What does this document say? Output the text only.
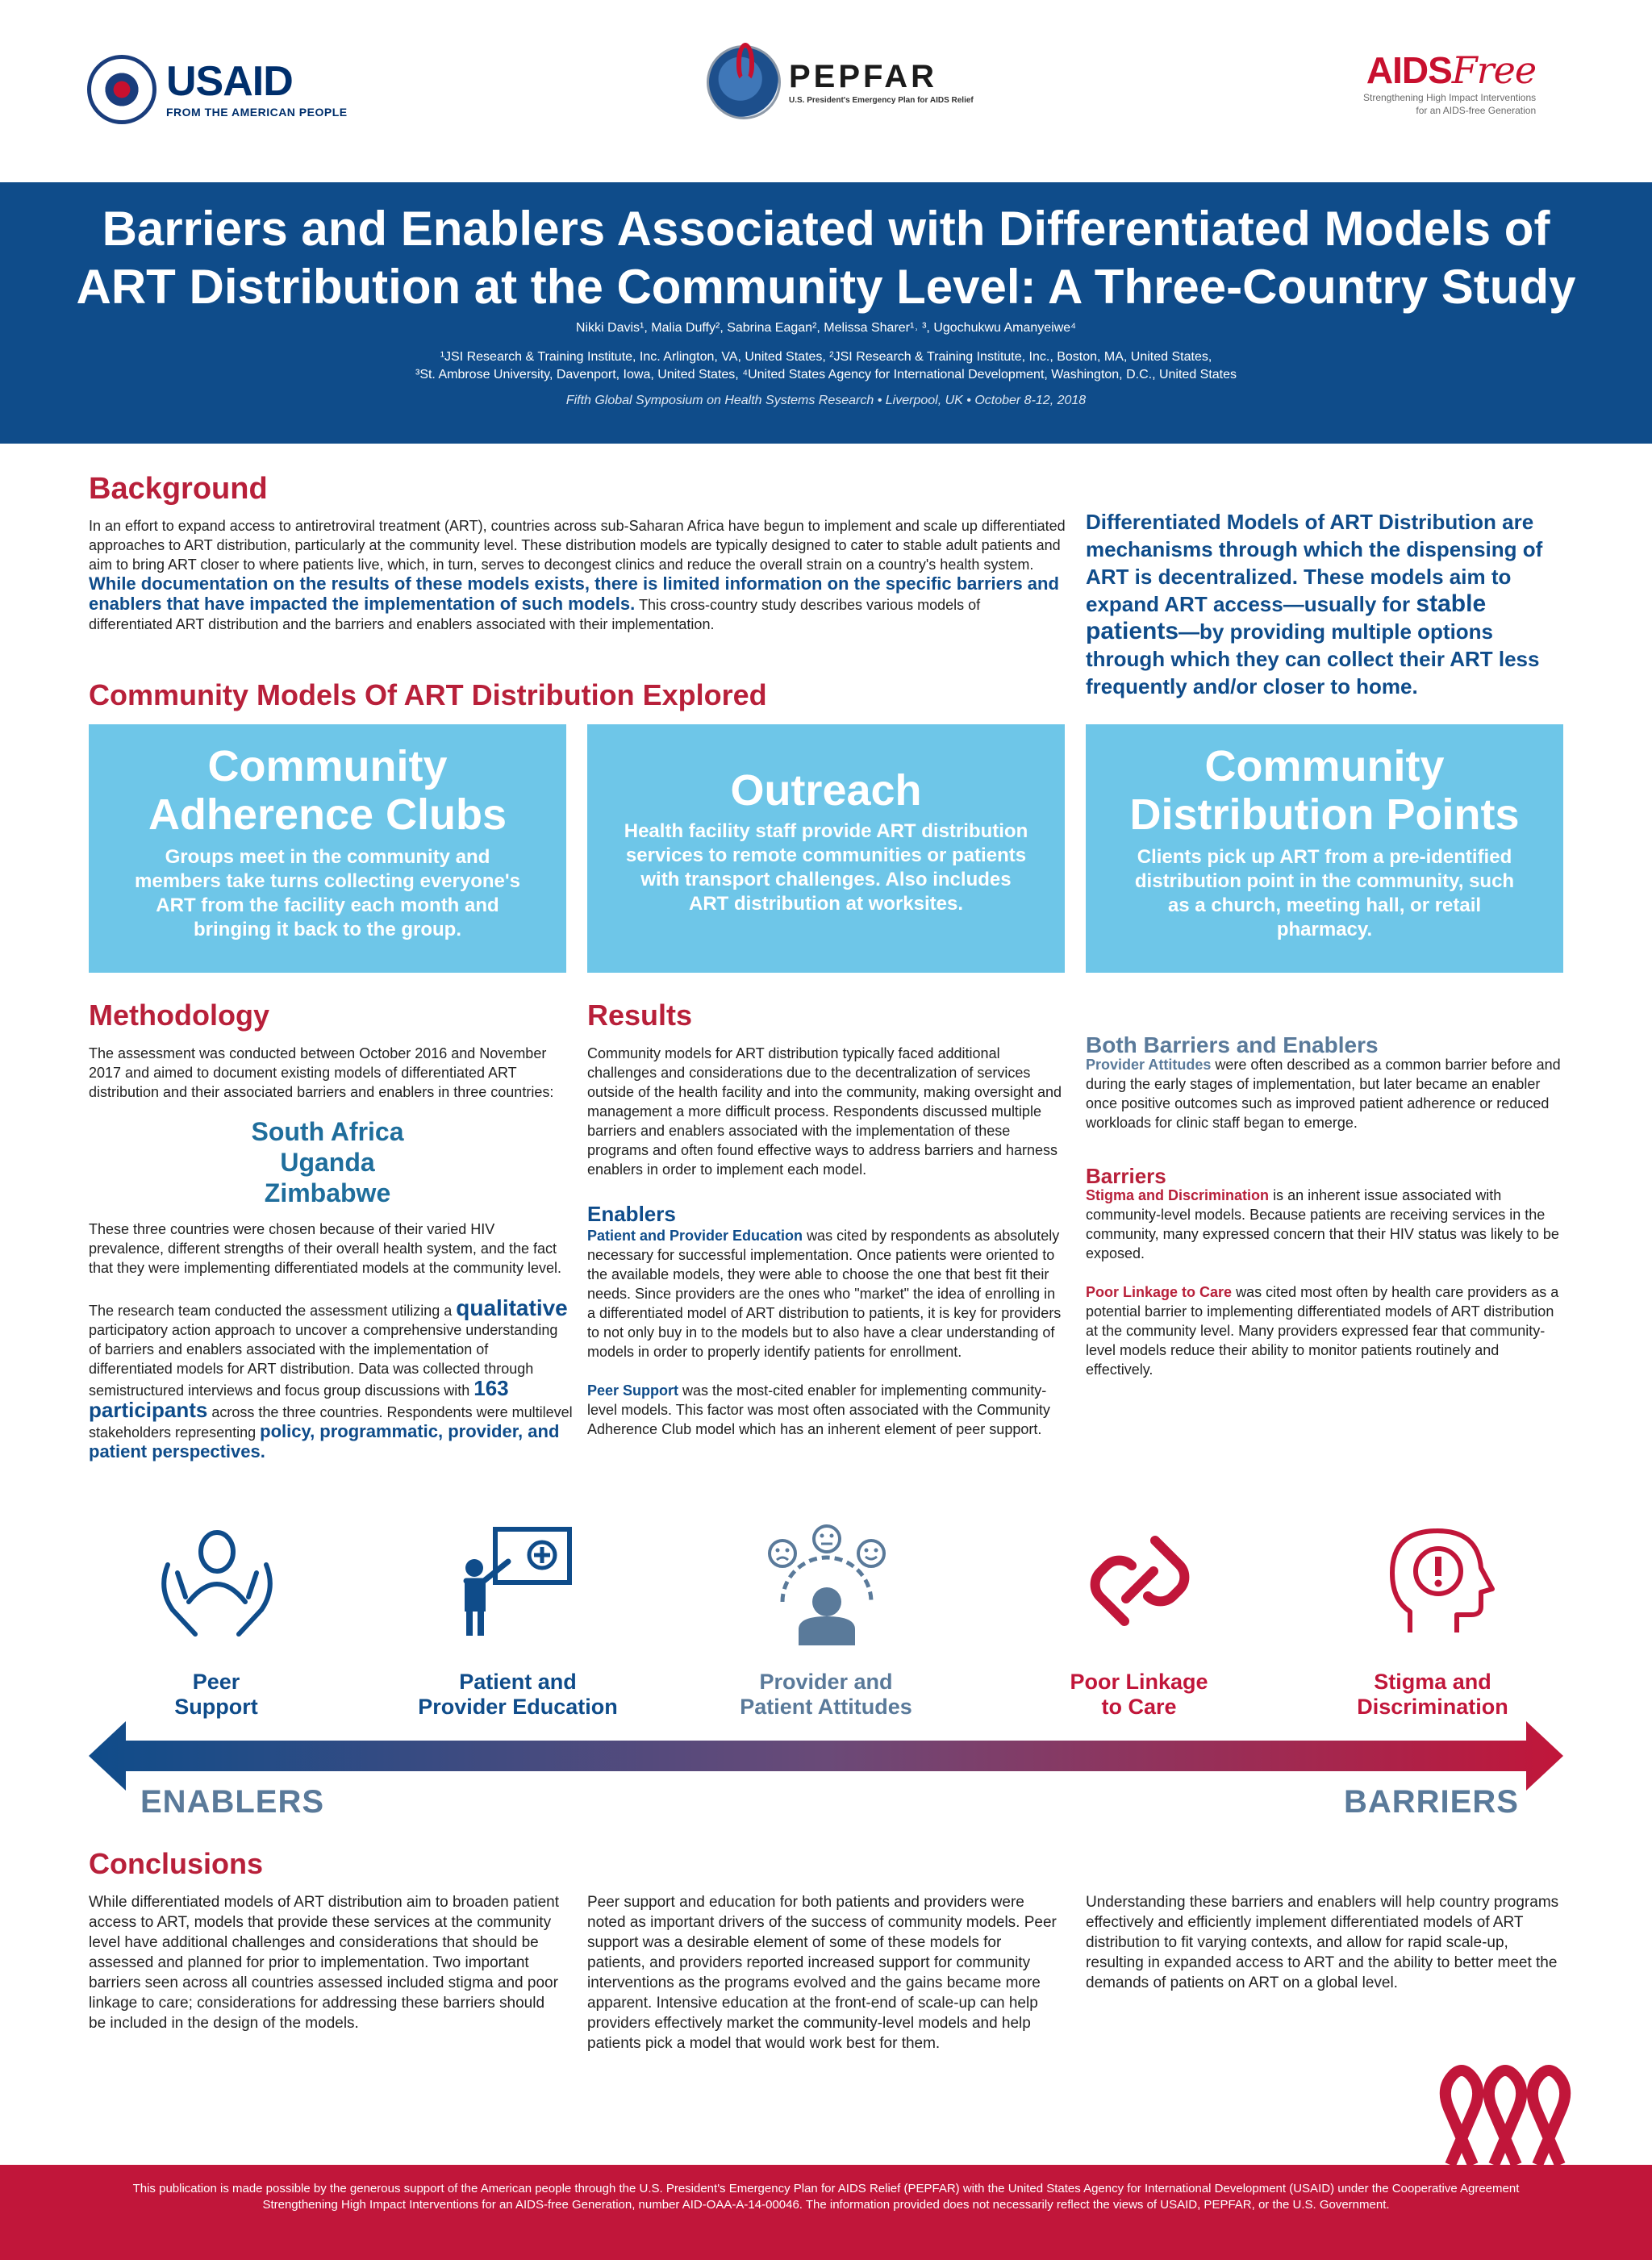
USAID
FROM THE AMERICAN PEOPLE
PEPFAR
U.S. President's Emergency Plan for AIDS Relief
AIDSFree
Strengthening High Impact Interventions
for an AIDS-free Generation
Barriers and Enablers Associated with Differentiated Models of
ART Distribution at the Community Level: A Three-Country Study
Nikki Davis¹, Malia Duffy², Sabrina Eagan², Melissa Sharer¹˒ ³, Ugochukwu Amanyeiwe⁴
¹JSI Research & Training Institute, Inc. Arlington, VA, United States, ²JSI Research & Training Institute, Inc., Boston, MA, United States,
³St. Ambrose University, Davenport, Iowa, United States, ⁴United States Agency for International Development, Washington, D.C., United States
Fifth Global Symposium on Health Systems Research • Liverpool, UK • October 8-12, 2018
Background
In an effort to expand access to antiretroviral treatment (ART), countries across sub-Saharan Africa have begun to implement and scale up differentiated approaches to ART distribution, particularly at the community level. These distribution models are typically designed to cater to stable adult patients and aim to bring ART closer to where patients live, which, in turn, serves to decongest clinics and reduce the overall strain on a country's health system. While documentation on the results of these models exists, there is limited information on the specific barriers and enablers that have impacted the implementation of such models. This cross-country study describes various models of differentiated ART distribution and the barriers and enablers associated with their implementation.
Differentiated Models of ART Distribution are mechanisms through which the dispensing of ART is decentralized. These models aim to expand ART access—usually for stable patients—by providing multiple options through which they can collect their ART less frequently and/or closer to home.
Community Models Of ART Distribution Explored
Community
Adherence Clubs
Groups meet in the community and members take turns collecting everyone's ART from the facility each month and bringing it back to the group.
Outreach
Health facility staff provide ART distribution services to remote communities or patients with transport challenges. Also includes ART distribution at worksites.
Community
Distribution Points
Clients pick up ART from a pre-identified distribution point in the community, such as a church, meeting hall, or retail pharmacy.
Methodology
The assessment was conducted between October 2016 and November 2017 and aimed to document existing models of differentiated ART distribution and their associated barriers and enablers in three countries:
South Africa
Uganda
Zimbabwe
These three countries were chosen because of their varied HIV prevalence, different strengths of their overall health system, and the fact that they were implementing differentiated models at the community level.
The research team conducted the assessment utilizing a qualitative participatory action approach to uncover a comprehensive understanding of barriers and enablers associated with the implementation of differentiated models for ART distribution. Data was collected through semistructured interviews and focus group discussions with 163 participants across the three countries. Respondents were multilevel stakeholders representing policy, programmatic, provider, and patient perspectives.
Results
Community models for ART distribution typically faced additional challenges and considerations due to the decentralization of services outside of the health facility and into the community, making oversight and management a more difficult process. Respondents discussed multiple barriers and enablers associated with the implementation of these programs and often found effective ways to address barriers and harness enablers in order to implement each model.
Enablers
Patient and Provider Education was cited by respondents as absolutely necessary for successful implementation. Once patients were oriented to the available models, they were able to choose the one that best fit their needs. Since providers are the ones who "market" the idea of enrolling in a differentiated model of ART distribution to patients, it is key for providers to not only buy in to the models but to also have a clear understanding of models in order to properly identify patients for enrollment.
Peer Support was the most-cited enabler for implementing community-level models. This factor was most often associated with the Community Adherence Club model which has an inherent element of peer support.
Both Barriers and Enablers
Provider Attitudes were often described as a common barrier before and during the early stages of implementation, but later became an enabler once positive outcomes such as improved patient adherence or reduced workloads for clinic staff began to emerge.
Barriers
Stigma and Discrimination is an inherent issue associated with community-level models. Because patients are receiving services in the community, many expressed concern that their HIV status was likely to be exposed.
Poor Linkage to Care was cited most often by health care providers as a potential barrier to implementing differentiated models of ART distribution at the community level. Many providers expressed fear that community-level models reduce their ability to monitor patients routinely and effectively.
Peer
Support
Patient and
Provider Education
Provider and
Patient Attitudes
Poor Linkage
to Care
Stigma and
Discrimination
ENABLERS	BARRIERS
Conclusions
While differentiated models of ART distribution aim to broaden patient access to ART, models that provide these services at the community level have additional challenges and considerations that should be assessed and planned for prior to implementation. Two important barriers seen across all countries assessed included stigma and poor linkage to care; considerations for addressing these barriers should be included in the design of the models.
Peer support and education for both patients and providers were noted as important drivers of the success of community models. Peer support was a desirable element of some of these models for patients, and providers reported increased support for community interventions as the programs evolved and the gains became more apparent. Intensive education at the front-end of scale-up can help providers effectively market the community-level models and help patients pick a model that would work best for them.
Understanding these barriers and enablers will help country programs effectively and efficiently implement differentiated models of ART distribution to fit varying contexts, and allow for rapid scale-up, resulting in expanded access to ART and the ability to better meet the demands of patients on ART on a global level.

This publication is made possible by the generous support of the American people through the U.S. President's Emergency Plan for AIDS Relief (PEPFAR) with the United States Agency for International Development (USAID) under the Cooperative Agreement Strengthening High Impact Interventions for an AIDS-free Generation, number AID-OAA-A-14-00046. The information provided does not necessarily reflect the views of USAID, PEPFAR, or the U.S. Government.
